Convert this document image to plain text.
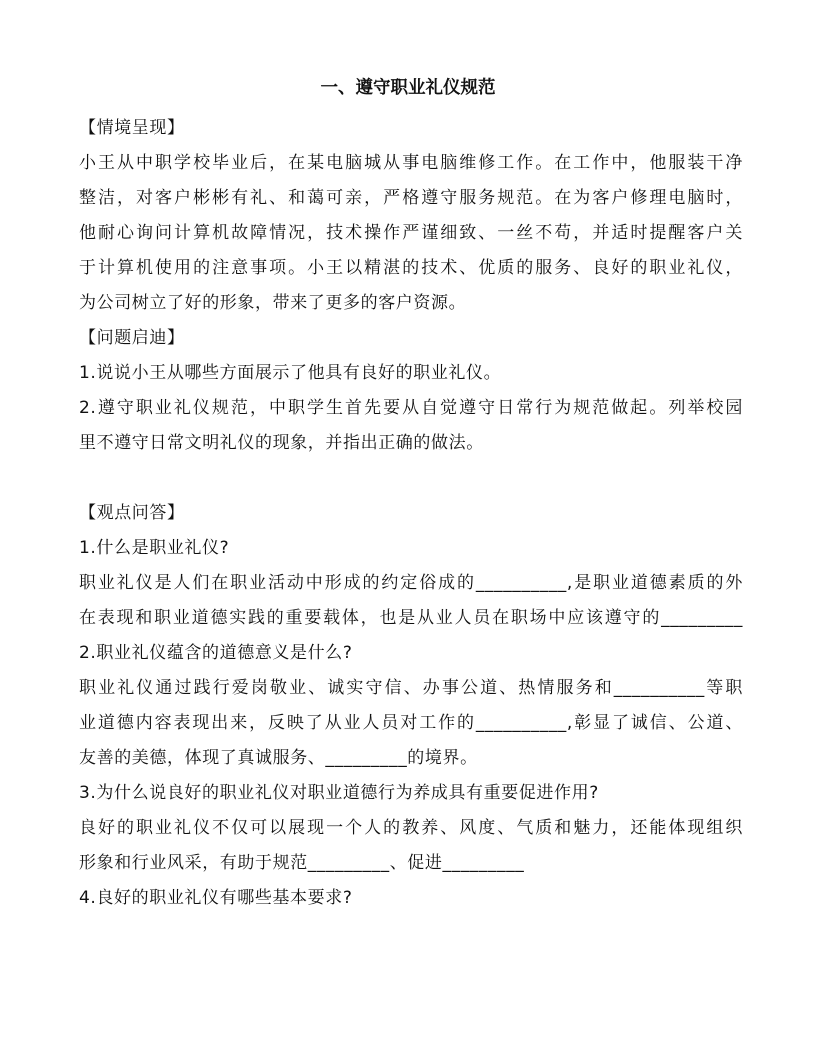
一、遵守职业礼仪规范

【情境呈现】

小王从中职学校毕业后，在某电脑城从事电脑维修工作。在工作中，他服装干净

整洁，对客户彬彬有礼、和蔼可亲，严格遵守服务规范。在为客户修理电脑时，

他耐心询问计算机故障情况，技术操作严谨细致、一丝不苟，并适时提醒客户关

于计算机使用的注意事项。小王以精湛的技术、优质的服务、良好的职业礼仪，

为公司树立了好的形象，带来了更多的客户资源。

【问题启迪】

1.说说小王从哪些方面展示了他具有良好的职业礼仪。

2.遵守职业礼仪规范，中职学生首先要从自觉遵守日常行为规范做起。列举校园

里不遵守日常文明礼仪的现象，并指出正确的做法。

【观点问答】

1.什么是职业礼仪?

职业礼仪是人们在职业活动中形成的约定俗成的__________,是职业道德素质的外

在表现和职业道德实践的重要载体，也是从业人员在职场中应该遵守的_________

2.职业礼仪蕴含的道德意义是什么?

职业礼仪通过践行爱岗敬业、诚实守信、办事公道、热情服务和__________等职

业道德内容表现出来，反映了从业人员对工作的__________,彰显了诚信、公道、

友善的美德，体现了真诚服务、_________的境界。

3.为什么说良好的职业礼仪对职业道德行为养成具有重要促进作用?

良好的职业礼仪不仅可以展现一个人的教养、风度、气质和魅力，还能体现组织

形象和行业风采，有助于规范_________、促进_________

4.良好的职业礼仪有哪些基本要求?
